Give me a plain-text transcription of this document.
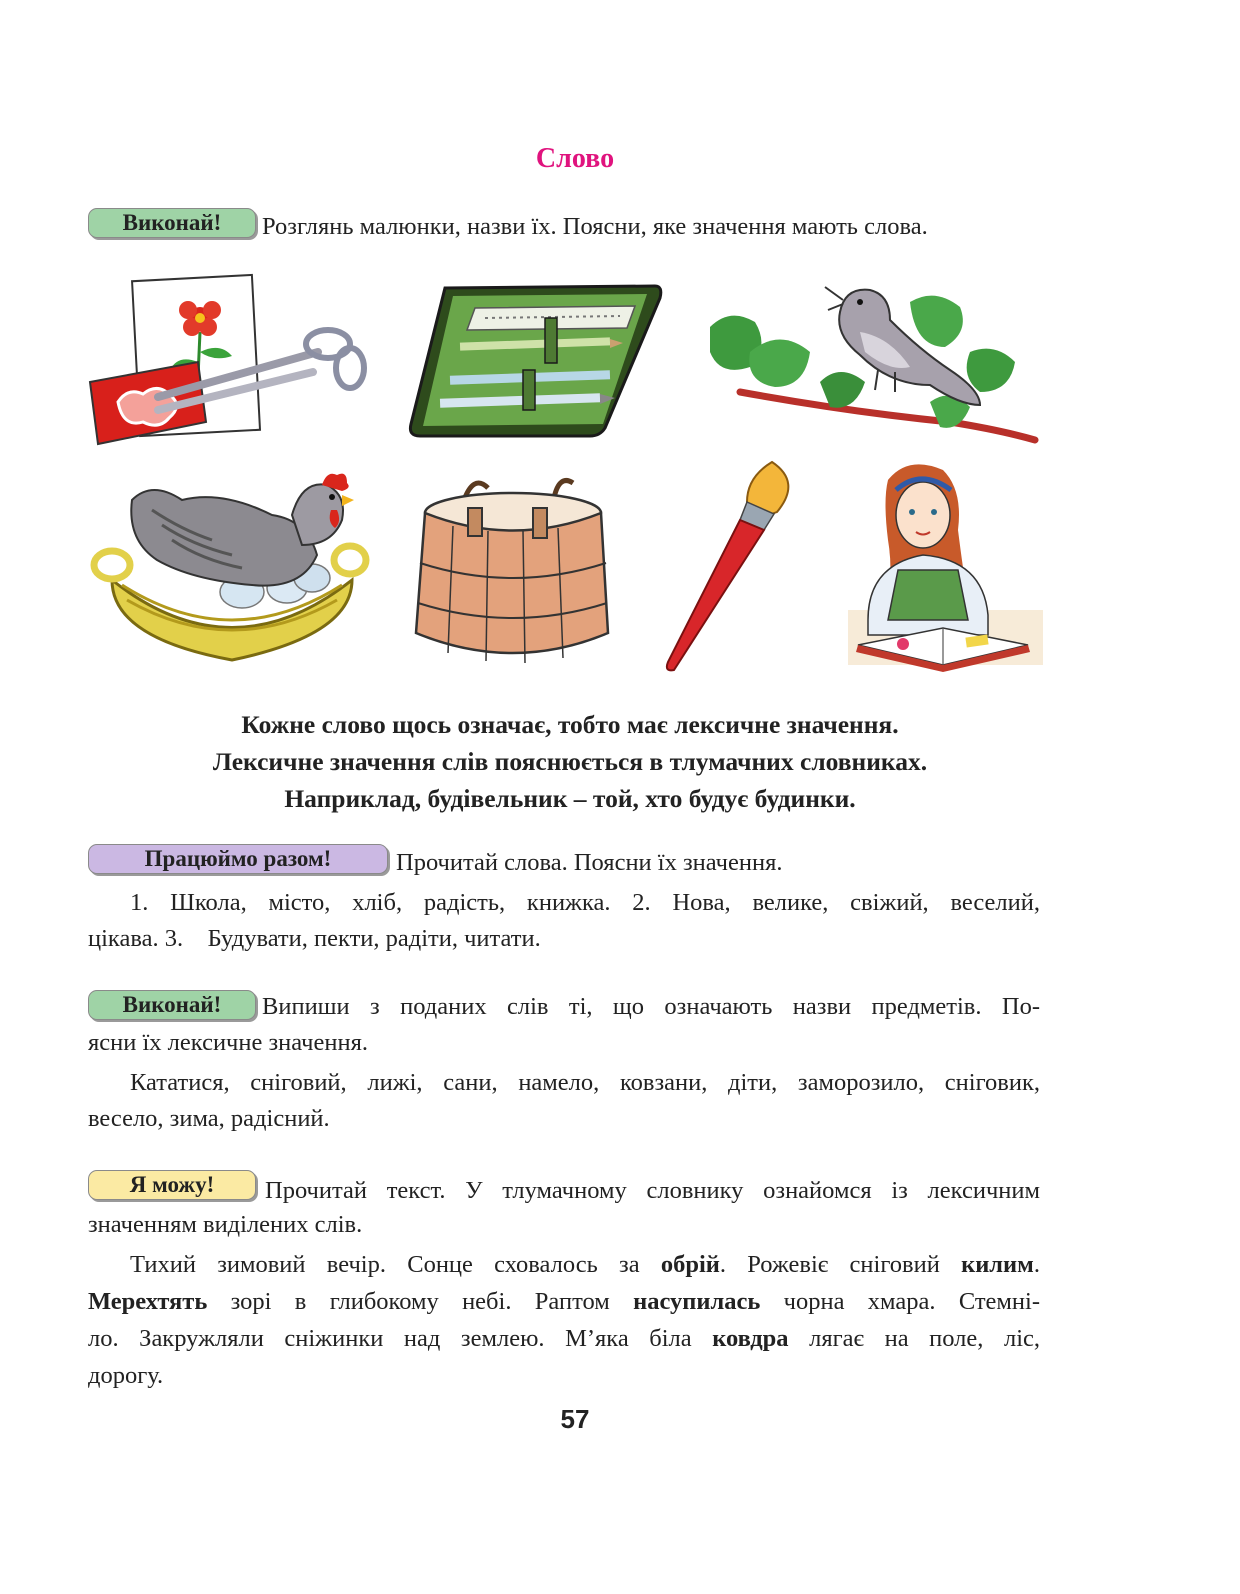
Слово
Виконай!	Розглянь малюнки, назви їх. Поясни, яке значення мають слова.
Кожне слово щось означає, тобто має лексичне значення.
Лексичне значення слів пояснюється в тлумачних словниках.
Наприклад, будівельник – той, хто будує будинки.
Працюймо разом!	Прочитай слова. Поясни їх значення.
1. Школа, місто, хліб, радість, книжка. 2. Нова, велике, свіжий, веселий,
цікава. 3.    Будувати, пекти, радіти, читати.
Виконай!	Випиши з поданих слів ті, що означають назви предметів. По-
ясни їх лексичне значення.
Кататися, сніговий, лижі, сани, намело, ковзани, діти, заморозило, сніговик,
весело, зима, радісний.
Я можу!	Прочитай текст. У тлумачному словнику ознайомся із лексичним
значенням виділених слів.
Тихий зимовий вечір. Сонце сховалось за обрій. Рожевіє сніговий килим.
Мерехтять зорі в глибокому небі. Раптом насупилась чорна хмара. Стемні-
ло. Закружляли сніжинки над землею. М’яка біла ковдра лягає на поле, ліс,
дорогу.
57
